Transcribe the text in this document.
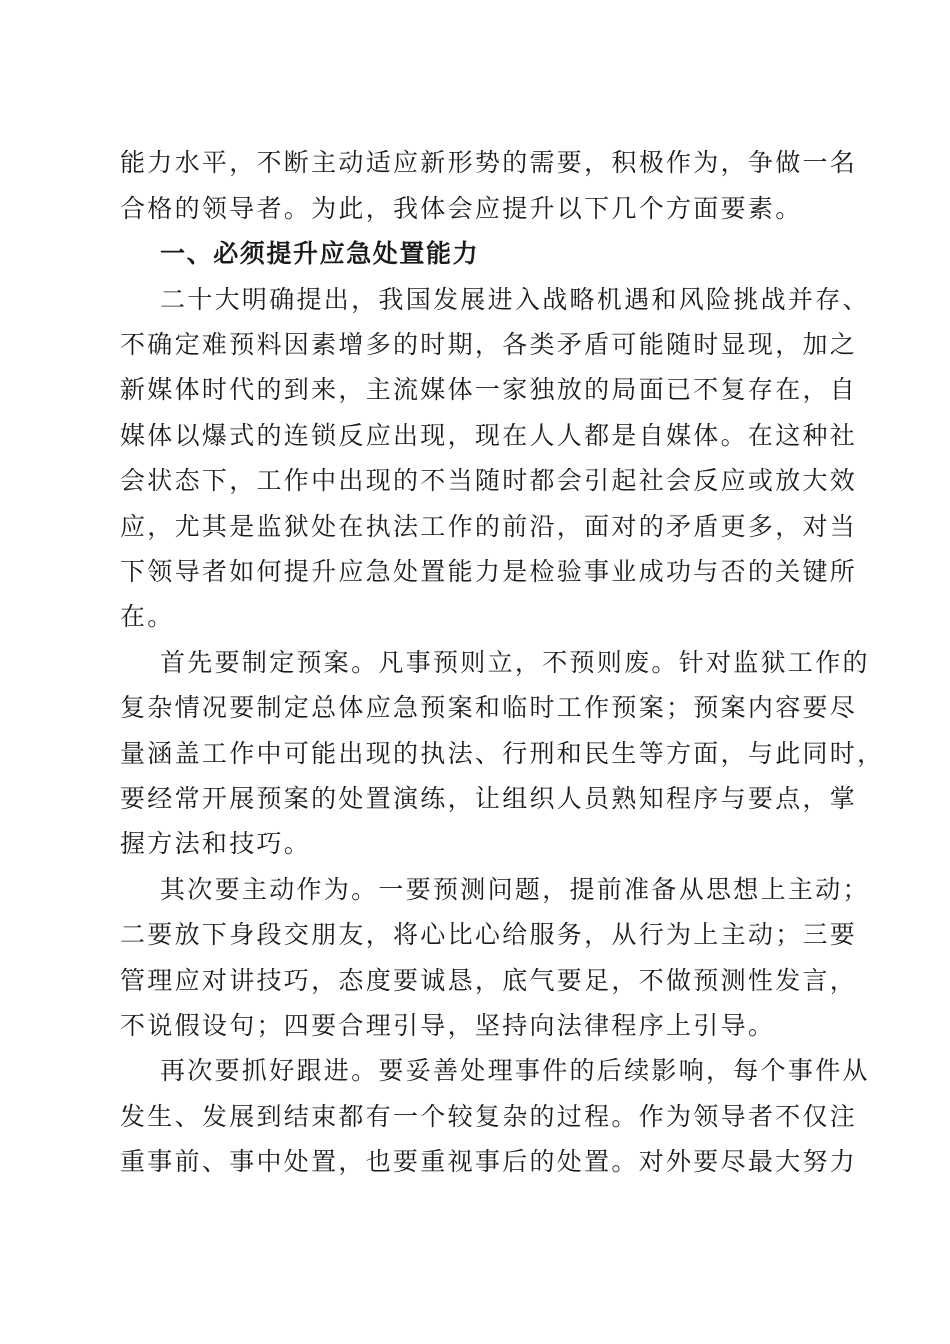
能力水平，不断主动适应新形势的需要，积极作为，争做一名
合格的领导者。为此，我体会应提升以下几个方面要素。
一、必须提升应急处置能力
二十大明确提出，我国发展进入战略机遇和风险挑战并存、
不确定难预料因素增多的时期，各类矛盾可能随时显现，加之
新媒体时代的到来，主流媒体一家独放的局面已不复存在，自
媒体以爆式的连锁反应出现，现在人人都是自媒体。在这种社
会状态下，工作中出现的不当随时都会引起社会反应或放大效
应，尤其是监狱处在执法工作的前沿，面对的矛盾更多，对当
下领导者如何提升应急处置能力是检验事业成功与否的关键所
在。
首先要制定预案。凡事预则立，不预则废。针对监狱工作的
复杂情况要制定总体应急预案和临时工作预案；预案内容要尽
量涵盖工作中可能出现的执法、行刑和民生等方面，与此同时，
要经常开展预案的处置演练，让组织人员熟知程序与要点，掌
握方法和技巧。
其次要主动作为。一要预测问题，提前准备从思想上主动；
二要放下身段交朋友，将心比心给服务，从行为上主动；三要
管理应对讲技巧，态度要诚恳，底气要足，不做预测性发言，
不说假设句；四要合理引导，坚持向法律程序上引导。
再次要抓好跟进。要妥善处理事件的后续影响，每个事件从
发生、发展到结束都有一个较复杂的过程。作为领导者不仅注
重事前、事中处置，也要重视事后的处置。对外要尽最大努力
